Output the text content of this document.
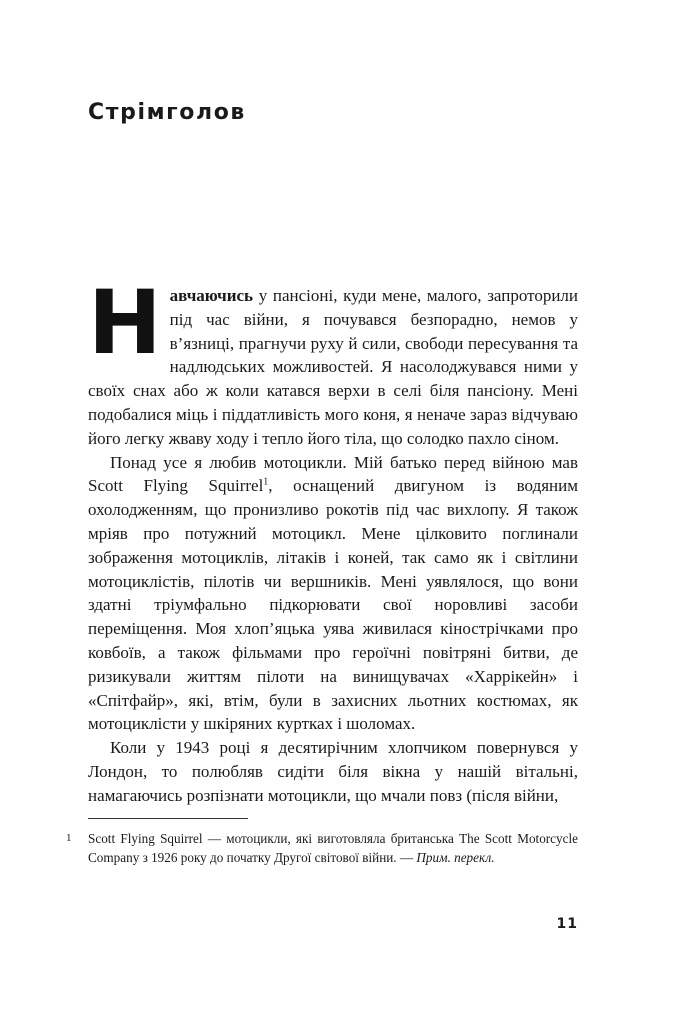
Стрімголов

Навчаючись у пансіоні, куди мене, малого, запроторили під час війни, я почувався безпорадно, немов у в’язниці, прагнучи руху й сили, свободи пересування та надлюдських можливостей. Я насолоджувався ними у своїх снах або ж коли катався верхи в селі біля пансіону. Мені подобалися міць і піддатливість мого коня, я неначе зараз відчуваю його легку жваву ходу і тепло його тіла, що солодко пахло сіном.

Понад усе я любив мотоцикли. Мій батько перед війною мав Scott Flying Squirrel$^1$, оснащений двигуном із водяним охолодженням, що пронизливо рокотів під час вихлопу. Я також мріяв про потужний мотоцикл. Мене цілковито поглинали зображення мотоциклів, літаків і коней, так само як і світлини мотоциклістів, пілотів чи вершників. Мені уявлялося, що вони здатні тріумфально підкорювати свої норовливі засоби переміщення. Моя хлоп’яцька уява живилася кінострічками про ковбоїв, а також фільмами про героїчні повітряні битви, де ризикували життям пілоти на винищувачах «Харрікейн» і «Спітфайр», які, втім, були в захисних льотних костюмах, як мотоциклісти у шкіряних куртках і шоломах.

Коли у 1943 році я десятирічним хлопчиком повернувся у Лондон, то полюбляв сидіти біля вікна у нашій вітальні, намагаючись розпізнати мотоцикли, що мчали повз (після війни,

1 Scott Flying Squirrel — мотоцикли, які виготовляла британська The Scott Motorcycle Company з 1926 року до початку Другої світової війни. — Прим. перекл.
11
